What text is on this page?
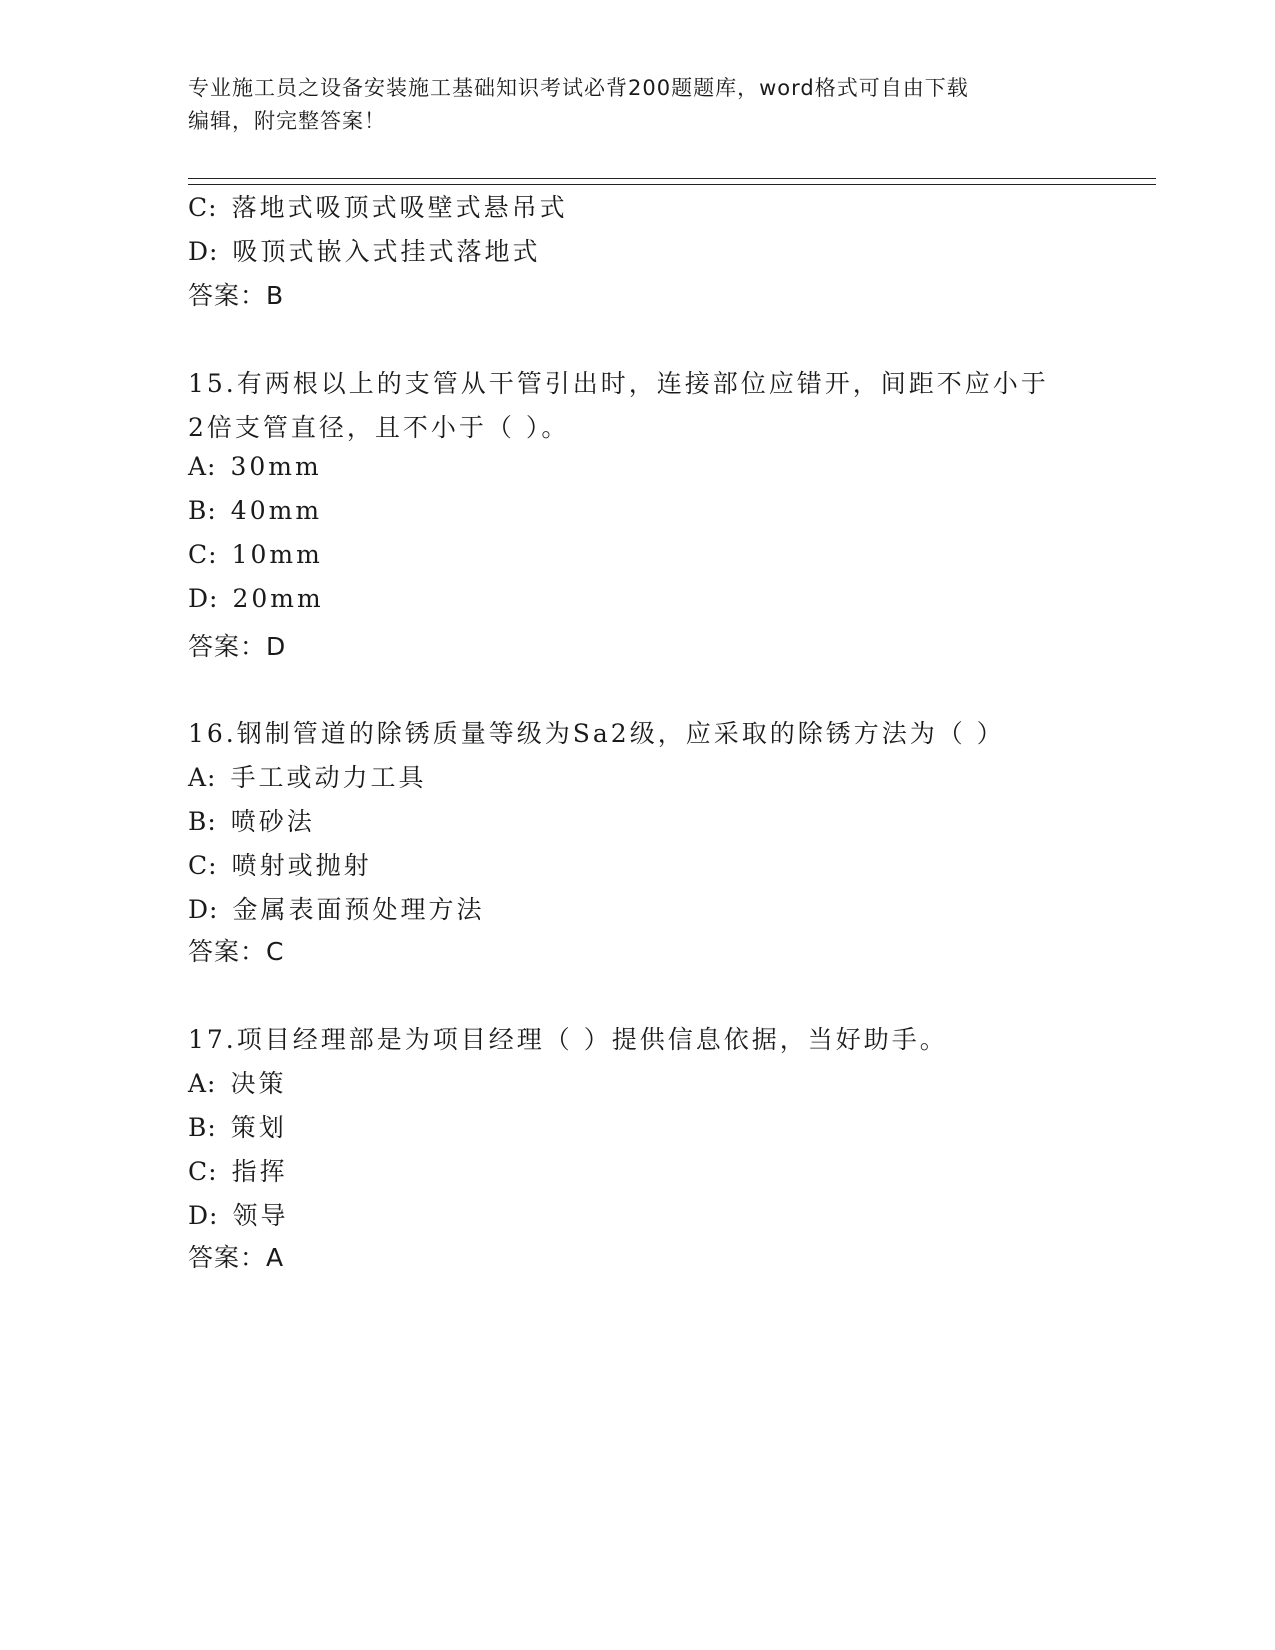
专业施工员之设备安装施工基础知识考试必背200题题库，word格式可自由下载
编辑，附完整答案！
C: 落地式吸顶式吸壁式悬吊式
D: 吸顶式嵌入式挂式落地式
答案：B
15.有两根以上的支管从干管引出时，连接部位应错开，间距不应小于
2倍支管直径，且不小于（ ）。
A: 30mm
B: 40mm
C: 10mm
D: 20mm
答案：D
16.钢制管道的除锈质量等级为Sa2级，应采取的除锈方法为（ ）
A: 手工或动力工具
B: 喷砂法
C: 喷射或抛射
D: 金属表面预处理方法
答案：C
17.项目经理部是为项目经理（ ）提供信息依据，当好助手。
A: 决策
B: 策划
C: 指挥
D: 领导
答案：A
